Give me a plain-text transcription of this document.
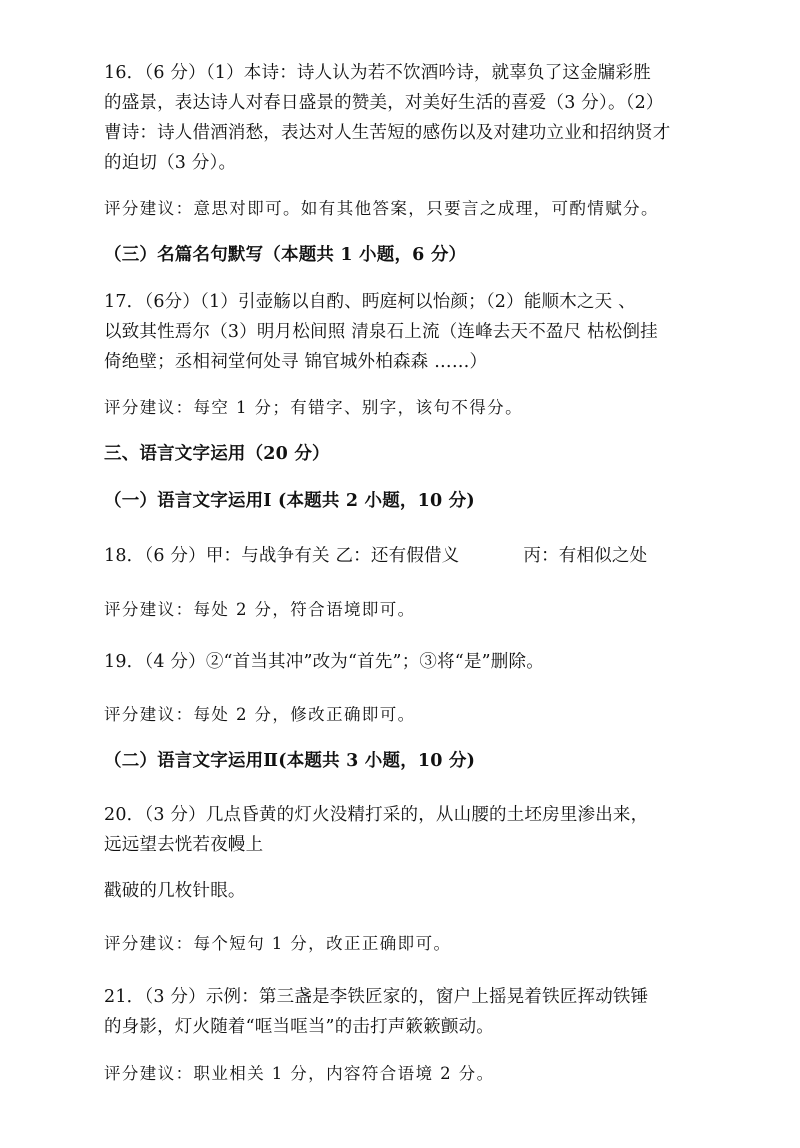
16．（6 分）（1）本诗：诗人认为若不饮酒吟诗，就辜负了这金牖彩胜
的盛景，表达诗人对春日盛景的赞美，对美好生活的喜爱（3 分）。（2）
曹诗：诗人借酒消愁，表达对人生苦短的感伤以及对建功立业和招纳贤才
的迫切（3 分）。
评分建议：意思对即可。如有其他答案，只要言之成理，可酌情赋分。
（三）名篇名句默写（本题共 1 小题，6 分）
17．（6分）（1）引壶觞以自酌、眄庭柯以怡颜；（2）能顺木之天 、
以致其性焉尔（3）明月松间照 清泉石上流（连峰去天不盈尺 枯松倒挂
倚绝壁；丞相祠堂何处寻 锦官城外柏森森 ……）
评分建议：每空 1 分；有错字、别字，该句不得分。
三、语言文字运用（20 分）
（一）语言文字运用Ⅰ (本题共 2 小题，10 分)
18．（6 分）甲：与战争有关 乙：还有假借义	丙：有相似之处
评分建议：每处 2 分，符合语境即可。
19．（4 分）②“首当其冲”改为“首先”；③将“是”删除。
评分建议：每处 2 分，修改正确即可。
（二）语言文字运用Ⅱ(本题共 3 小题，10 分)
20．（3 分）几点昏黄的灯火没精打采的，从山腰的土坯房里渗出来，
远远望去恍若夜幔上
戳破的几枚针眼。
评分建议：每个短句 1 分，改正正确即可。
21．（3 分）示例：第三盏是李铁匠家的，窗户上摇晃着铁匠挥动铁锤
的身影，灯火随着“哐当哐当”的击打声簌簌颤动。
评分建议：职业相关 1 分，内容符合语境 2 分。
